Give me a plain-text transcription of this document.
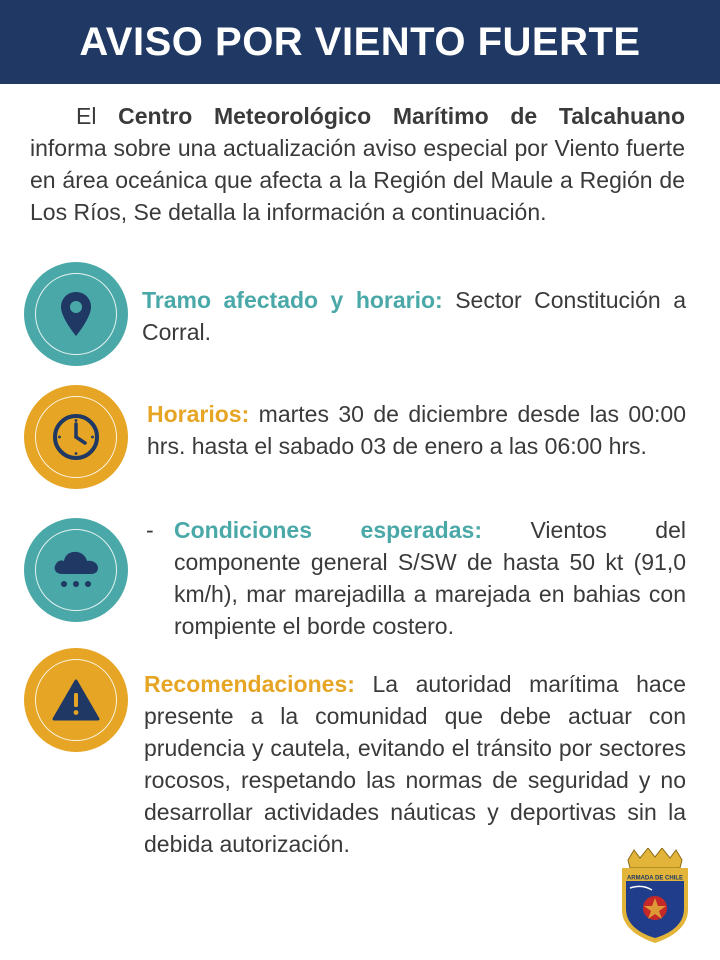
AVISO POR VIENTO FUERTE
El Centro Meteorológico Marítimo de Talcahuano informa sobre una actualización aviso especial por Viento fuerte en área oceánica que afecta a la Región del Maule a Región de Los Ríos, Se detalla la información a continuación.
Tramo afectado y horario: Sector Constitución a Corral.
Horarios: martes 30 de diciembre desde las 00:00 hrs. hasta el sabado 03 de enero a las 06:00 hrs.
- Condiciones esperadas: Vientos del componente general S/SW de hasta 50 kt (91,0 km/h), mar marejadilla a marejada en bahias con rompiente el borde costero.
Recomendaciones: La autoridad marítima hace presente a la comunidad que debe actuar con prudencia y cautela, evitando el tránsito por sectores rocosos, respetando las normas de seguridad y no desarrollar actividades náuticas y deportivas sin la debida autorización.
ARMADA DE CHILE
